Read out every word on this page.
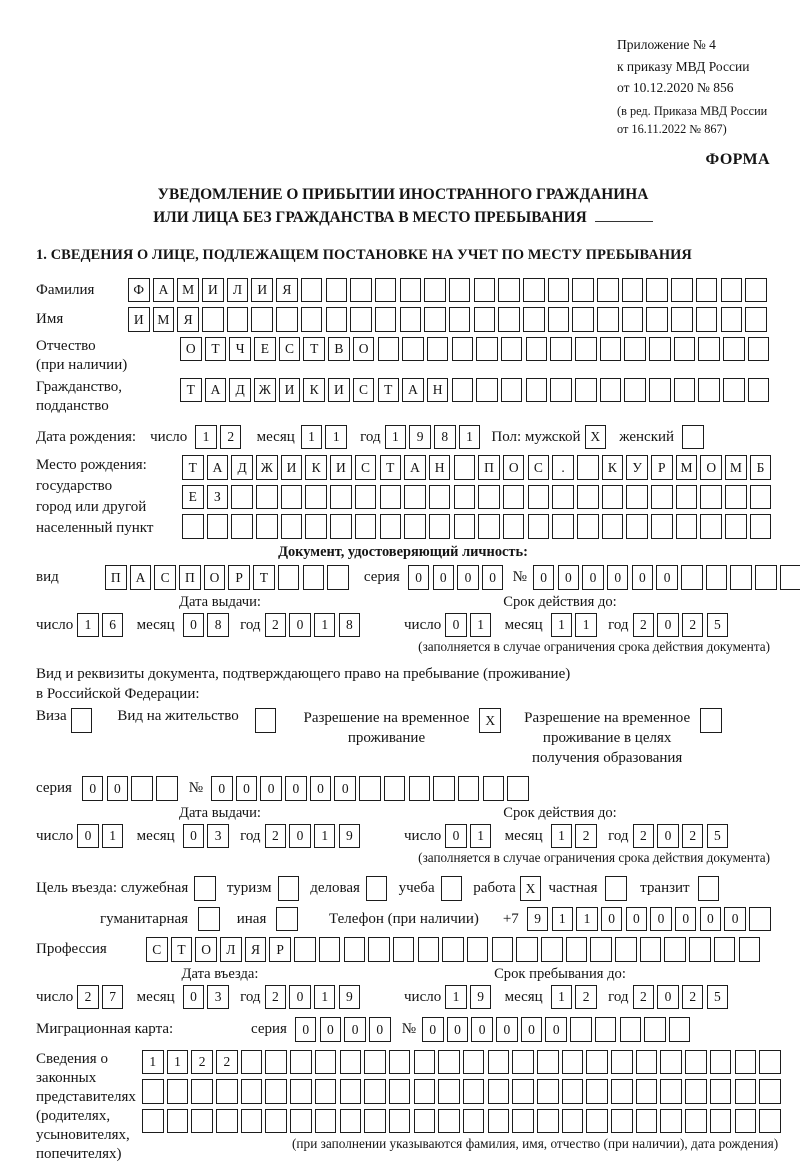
Приложение № 4
к приказу МВД России
от 10.12.2020 № 856
(в ред. Приказа МВД России
от 16.11.2022 № 867)
ФОРМА
УВЕДОМЛЕНИЕ О ПРИБЫТИИ ИНОСТРАННОГО ГРАЖДАНИНА
ИЛИ ЛИЦА БЕЗ ГРАЖДАНСТВА В МЕСТО ПРЕБЫВАНИЯ
1. СВЕДЕНИЯ О ЛИЦЕ, ПОДЛЕЖАЩЕМ ПОСТАНОВКЕ НА УЧЕТ ПО МЕСТУ ПРЕБЫВАНИЯ
Фамилия	Ф	А	М	И	Л	И	Я
Имя	И	М	Я
Отчество
(при наличии)
О	Т	Ч	Е	С	Т	В	О
Гражданство,
подданство
Т	А	Д	Ж	И	К	И	С	Т	А	Н
Дата рождения: число	1	2	месяц 1	1	год 1	9	8	1	Пол: мужской X	женский
Место рождения:
государство
город или другой
населенный пункт
Т	А	Д	Ж	И	К	И	С	Т	А	Н	П	О	С	.	К	У	Р	М	О	М	Б
Е	З
Документ, удостоверяющий личность:
вид	П	А	С	П	О	Р	Т	серия	0	0	0	0	№ 0	0	0	0	0	0
Дата выдачи:	Срок действия до:
число 1	6	месяц	0	8	год 2	0	1	8	число 0	1	месяц	1	1	год 2	0	2	5
(заполняется в случае ограничения срока действия документа)
Вид и реквизиты документа, подтверждающего право на пребывание (проживание)
в Российской Федерации:
Виза	Вид на жительство	Разрешение на временное
проживание
X	Разрешение на временное
проживание в целях
получения образования
серия	0	0	№	0	0	0	0	0	0
Дата выдачи:	Срок действия до:
число 0	1	месяц	0	3	год 2	0	1	9	число 0	1	месяц	1	2	год 2	0	2	5
(заполняется в случае ограничения срока действия документа)
Цель въезда: служебная	туризм	деловая	учеба	работа X частная	транзит
гуманитарная	иная	Телефон (при наличии) +7	9	1	1	0	0	0	0	0	0
Профессия	С	Т	О	Л	Я	Р
Дата въезда:	Срок пребывания до:
число 2	7	месяц	0	3	год 2	0	1	9	число 1	9	месяц	1	2	год 2	0	2	5
Миграционная карта:	серия	0	0	0	0	№ 0	0	0	0	0	0
Сведения о
законных
представителях
(родителях,
усыновителях,
попечителях)
1	1	2	2
(при заполнении указываются фамилия, имя, отчество (при наличии), дата рождения)
